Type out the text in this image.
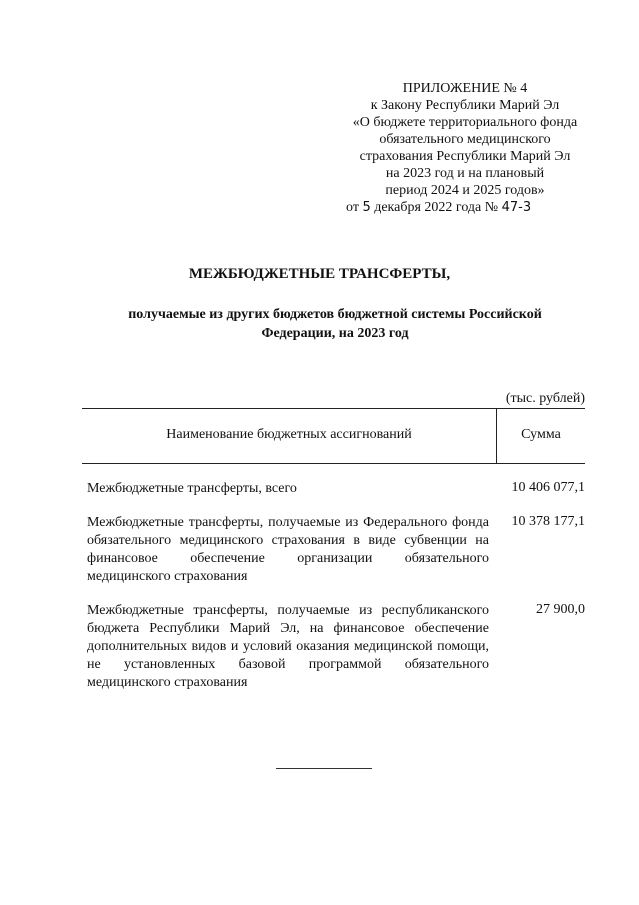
ПРИЛОЖЕНИЕ № 4
к Закону Республики Марий Эл
«О бюджете территориального фонда
обязательного медицинского
страхования Республики Марий Эл
на 2023 год и на плановый
период 2024 и 2025 годов»
от 5 декабря 2022 года № 47-3
МЕЖБЮДЖЕТНЫЕ ТРАНСФЕРТЫ,
получаемые из других бюджетов бюджетной системы Российской Федерации, на 2023 год
(тыс. рублей)
Наименование бюджетных ассигнований	Сумма
Межбюджетные трансферты, всего	10 406 077,1
Межбюджетные трансферты, получаемые из Федерального фонда обязательного медицинского страхования в виде субвенции на финансовое обеспечение организации обязательного медицинского страхования
10 378 177,1
Межбюджетные трансферты, получаемые из республиканского бюджета Республики Марий Эл, на финансовое обеспечение дополнительных видов и условий оказания медицинской помощи, не установленных базовой программой обязательного медицинского страхования
27 900,0
